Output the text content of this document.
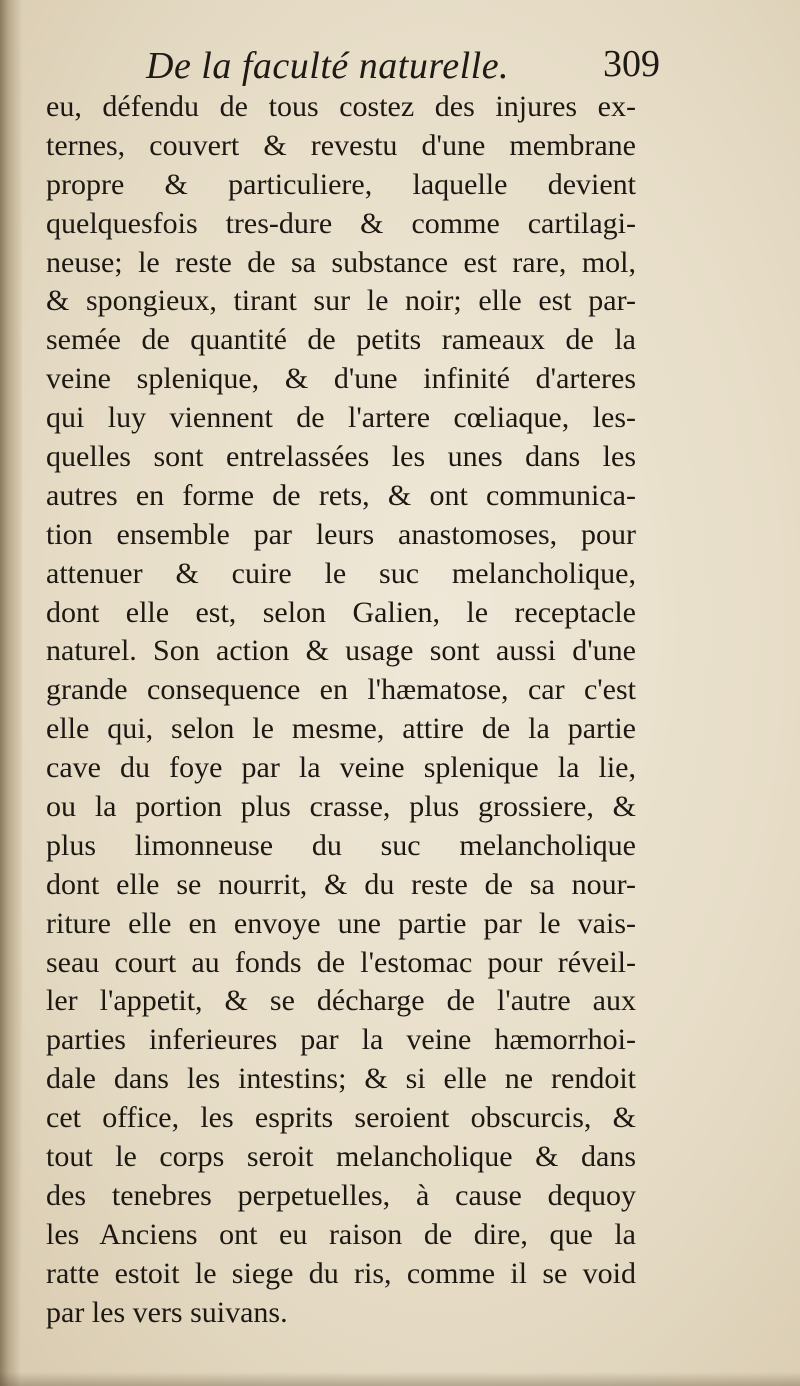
De la faculté naturelle. 309
eu, défendu de tous costez des injures ex-
ternes, couvert & revestu d'une membrane
propre & particuliere, laquelle devient
quelquesfois tres-dure & comme cartilagi-
neuse; le reste de sa substance est rare, mol,
& spongieux, tirant sur le noir; elle est par-
semée de quantité de petits rameaux de la
veine splenique, & d'une infinité d'arteres
qui luy viennent de l'artere cœliaque, les-
quelles sont entrelassées les unes dans les
autres en forme de rets, & ont communica-
tion ensemble par leurs anastomoses, pour
attenuer & cuire le suc melancholique,
dont elle est, selon Galien, le receptacle
naturel. Son action & usage sont aussi d'une
grande consequence en l'hæmatose, car c'est
elle qui, selon le mesme, attire de la partie
cave du foye par la veine splenique la lie,
ou la portion plus crasse, plus grossiere, &
plus limonneuse du suc melancholique
dont elle se nourrit, & du reste de sa nour-
riture elle en envoye une partie par le vais-
seau court au fonds de l'estomac pour réveil-
ler l'appetit, & se décharge de l'autre aux
parties inferieures par la veine hæmorrhoi-
dale dans les intestins; & si elle ne rendoit
cet office, les esprits seroient obscurcis, &
tout le corps seroit melancholique & dans
des tenebres perpetuelles, à cause dequoy
les Anciens ont eu raison de dire, que la
ratte estoit le siege du ris, comme il se void
par les vers suivans.
